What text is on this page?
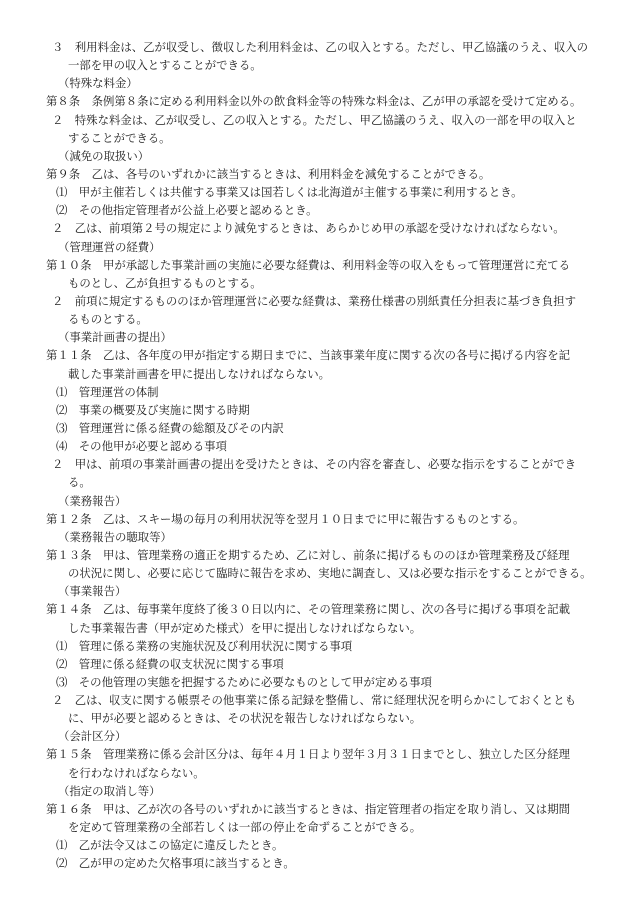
３　利用料金は、乙が収受し、徴収した利用料金は、乙の収入とする。ただし、甲乙協議のうえ、収入の
一部を甲の収入とすることができる。
（特殊な料金）
第８条　条例第８条に定める利用料金以外の飲食料金等の特殊な料金は、乙が甲の承認を受けて定める。
２　特殊な料金は、乙が収受し、乙の収入とする。ただし、甲乙協議のうえ、収入の一部を甲の収入と
することができる。
（減免の取扱い）
第９条　乙は、各号のいずれかに該当するときは、利用料金を減免することができる。
⑴　甲が主催若しくは共催する事業又は国若しくは北海道が主催する事業に利用するとき。
⑵　その他指定管理者が公益上必要と認めるとき。
２　乙は、前項第２号の規定により減免するときは、あらかじめ甲の承認を受けなければならない。
（管理運営の経費）
第１０条　甲が承認した事業計画の実施に必要な経費は、利用料金等の収入をもって管理運営に充てる
ものとし、乙が負担するものとする。
２　前項に規定するもののほか管理運営に必要な経費は、業務仕様書の別紙責任分担表に基づき負担す
るものとする。
（事業計画書の提出）
第１１条　乙は、各年度の甲が指定する期日までに、当該事業年度に関する次の各号に掲げる内容を記
載した事業計画書を甲に提出しなければならない。
⑴　管理運営の体制
⑵　事業の概要及び実施に関する時期
⑶　管理運営に係る経費の総額及びその内訳
⑷　その他甲が必要と認める事項
２　甲は、前項の事業計画書の提出を受けたときは、その内容を審査し、必要な指示をすることができ
る。
（業務報告）
第１２条　乙は、スキー場の毎月の利用状況等を翌月１０日までに甲に報告するものとする。
（業務報告の聴取等）
第１３条　甲は、管理業務の適正を期するため、乙に対し、前条に掲げるもののほか管理業務及び経理
の状況に関し、必要に応じて臨時に報告を求め、実地に調査し、又は必要な指示をすることができる。
（事業報告）
第１４条　乙は、毎事業年度終了後３０日以内に、その管理業務に関し、次の各号に掲げる事項を記載
した事業報告書（甲が定めた様式）を甲に提出しなければならない。
⑴　管理に係る業務の実施状況及び利用状況に関する事項
⑵　管理に係る経費の収支状況に関する事項
⑶　その他管理の実態を把握するために必要なものとして甲が定める事項
２　乙は、収支に関する帳票その他事業に係る記録を整備し、常に経理状況を明らかにしておくととも
に、甲が必要と認めるときは、その状況を報告しなければならない。
（会計区分）
第１５条　管理業務に係る会計区分は、毎年４月１日より翌年３月３１日までとし、独立した区分経理
を行わなければならない。
（指定の取消し等）
第１６条　甲は、乙が次の各号のいずれかに該当するときは、指定管理者の指定を取り消し、又は期間
を定めて管理業務の全部若しくは一部の停止を命ずることができる。
⑴　乙が法令又はこの協定に違反したとき。
⑵　乙が甲の定めた欠格事項に該当するとき。
